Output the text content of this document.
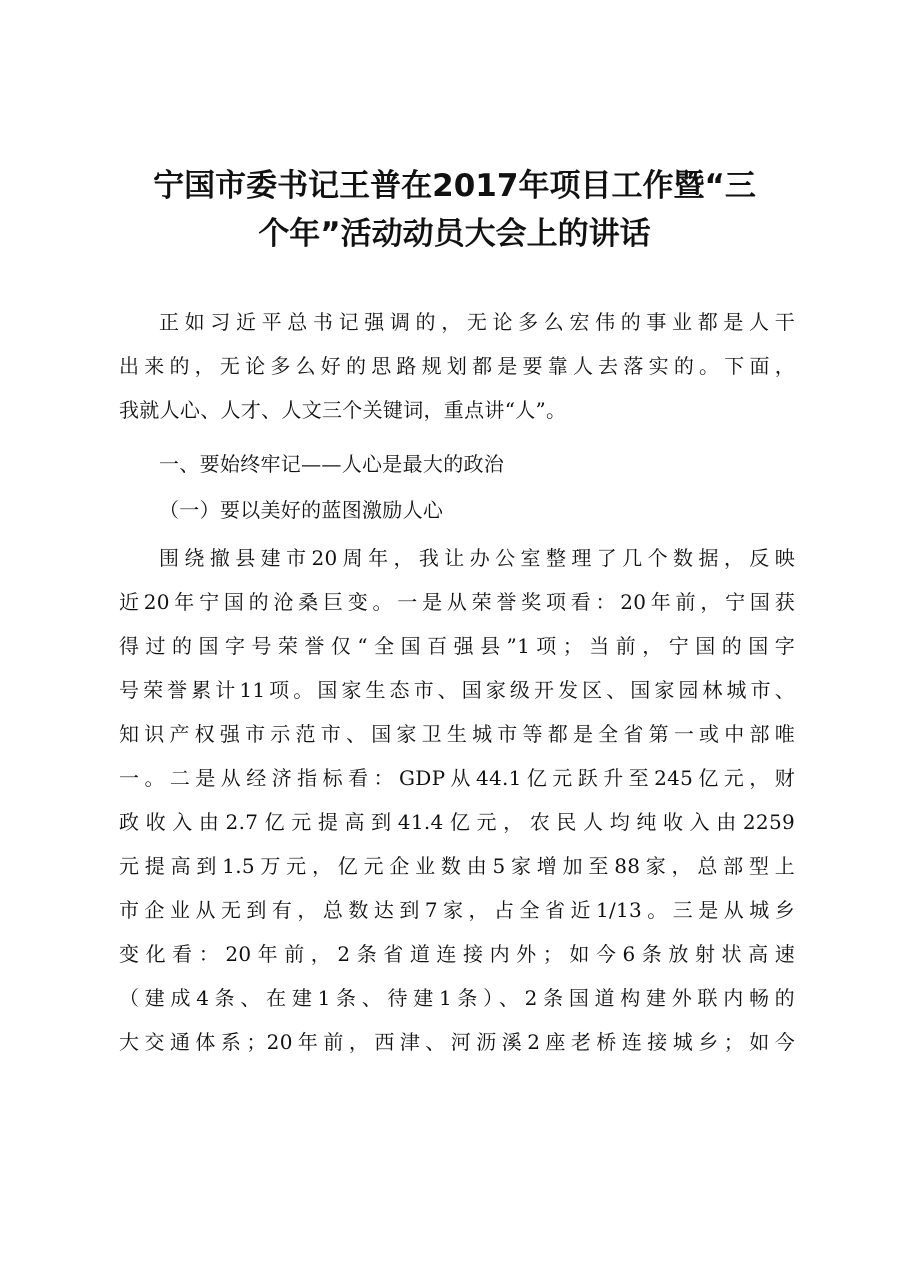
宁国市委书记王普在2017年项目工作暨“三
个年”活动动员大会上的讲话
正如习近平总书记强调的，无论多么宏伟的事业都是人干
出来的，无论多么好的思路规划都是要靠人去落实的。下面，
我就人心、人才、人文三个关键词，重点讲“人”。
一、要始终牢记——人心是最大的政治
（一）要以美好的蓝图激励人心
围绕撤县建市20周年，我让办公室整理了几个数据，反映
近20年宁国的沧桑巨变。一是从荣誉奖项看：20年前，宁国获
得过的国字号荣誉仅“全国百强县”1项；当前，宁国的国字
号荣誉累计11项。国家生态市、国家级开发区、国家园林城市、
知识产权强市示范市、国家卫生城市等都是全省第一或中部唯
一。二是从经济指标看：GDP从44.1亿元跃升至245亿元，财
政收入由2.7亿元提高到41.4亿元，农民人均纯收入由2259
元提高到1.5万元，亿元企业数由5家增加至88家，总部型上
市企业从无到有，总数达到7家，占全省近1/13。三是从城乡
变化看：20年前，2条省道连接内外；如今6条放射状高速
（建成4条、在建1条、待建1条）、2条国道构建外联内畅的
大交通体系；20年前，西津、河沥溪2座老桥连接城乡；如今
